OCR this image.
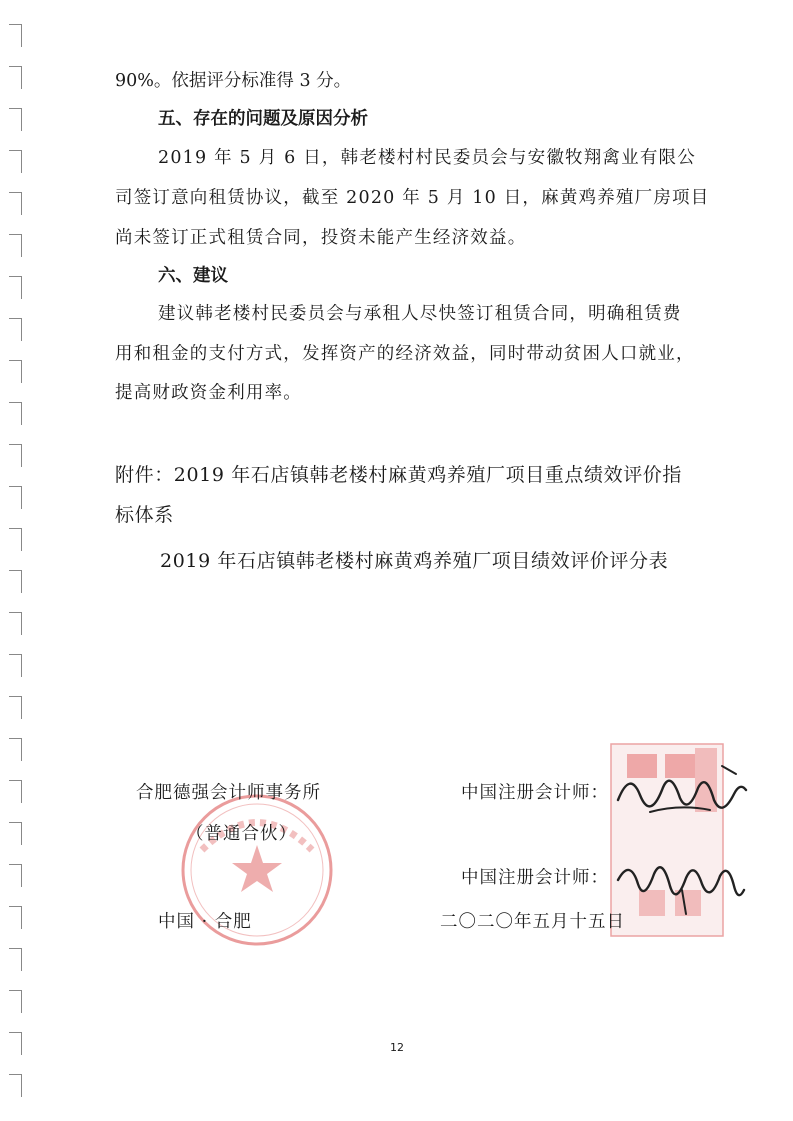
90%。依据评分标准得 3 分。
五、存在的问题及原因分析
2019 年 5 月 6 日，韩老楼村村民委员会与安徽牧翔禽业有限公
司签订意向租赁协议，截至 2020 年 5 月 10 日，麻黄鸡养殖厂房项目
尚未签订正式租赁合同，投资未能产生经济效益。
六、建议
建议韩老楼村民委员会与承租人尽快签订租赁合同，明确租赁费
用和租金的支付方式，发挥资产的经济效益，同时带动贫困人口就业，
提高财政资金利用率。
附件：2019 年石店镇韩老楼村麻黄鸡养殖厂项目重点绩效评价指
标体系
2019 年石店镇韩老楼村麻黄鸡养殖厂项目绩效评价评分表
合肥德强会计师事务所
（普通合伙）
中国 · 合肥
中国注册会计师：
中国注册会计师：
二〇二〇年五月十五日
12
